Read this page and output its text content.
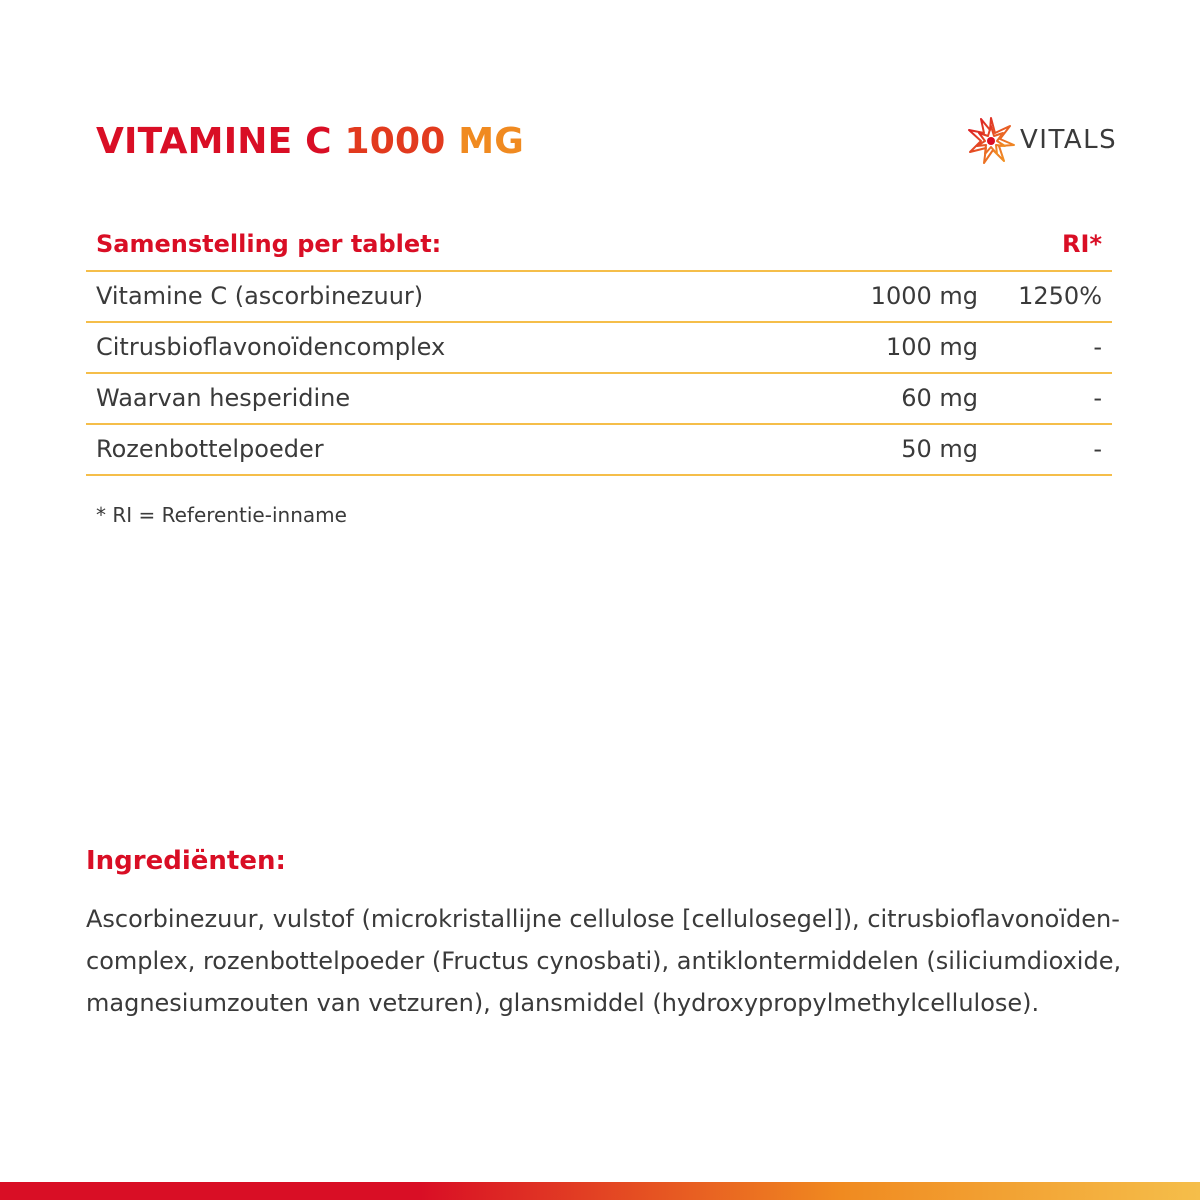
VITAMINE C 1000 MG	VITALS
Samenstelling per tablet:	RI*
Vitamine C (ascorbinezuur)	1000 mg 1250%
Citrusbioflavonoïdencomplex	100 mg	-
Waarvan hesperidine	60 mg	-
Rozenbottelpoeder	50 mg	-
* RI = Referentie-inname
Ingrediënten:

Ascorbinezuur, vulstof (microkristallijne cellulose [cellulosegel]), citrusbioflavonoïden-
complex, rozenbottelpoeder (Fructus cynosbati), antiklontermiddelen (siliciumdioxide,
magnesiumzouten van vetzuren), glansmiddel (hydroxypropylmethylcellulose).
